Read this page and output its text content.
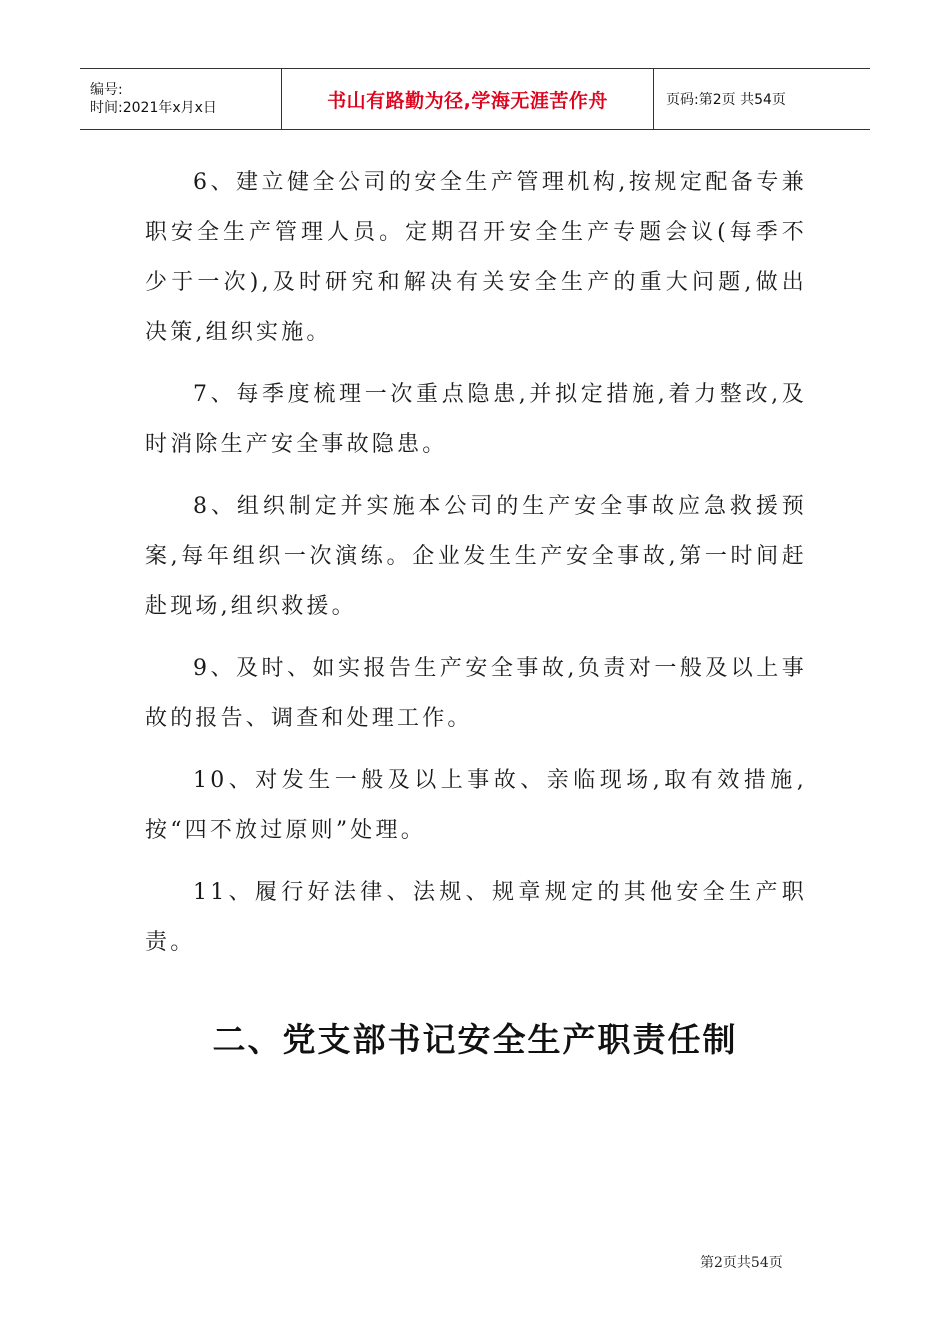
编号:
时间:2021年x月x日	书山有路勤为径,学海无涯苦作舟	页码:第2页 共54页

6、建立健全公司的安全生产管理机构,按规定配备专兼职安全生产管理人员。定期召开安全生产专题会议(每季不少于一次),及时研究和解决有关安全生产的重大问题,做出决策,组织实施。

7、每季度梳理一次重点隐患,并拟定措施,着力整改,及时消除生产安全事故隐患。

8、组织制定并实施本公司的生产安全事故应急救援预案,每年组织一次演练。企业发生生产安全事故,第一时间赶赴现场,组织救援。

9、及时、如实报告生产安全事故,负责对一般及以上事故的报告、调查和处理工作。

10、对发生一般及以上事故、亲临现场,取有效措施,按“四不放过原则”处理。

11、履行好法律、法规、规章规定的其他安全生产职责。

二、党支部书记安全生产职责任制
第2页共54页
